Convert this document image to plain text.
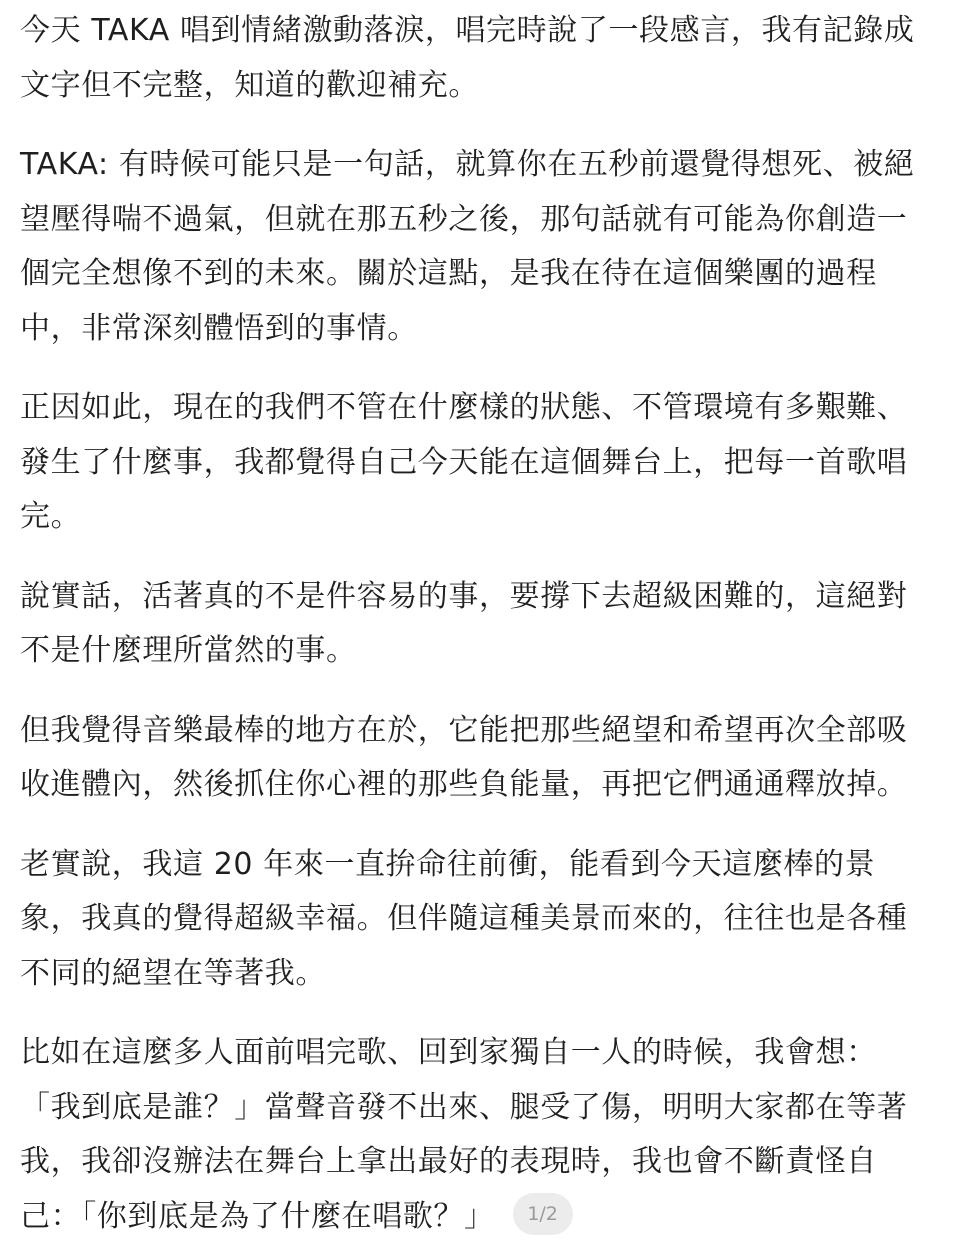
今天 TAKA 唱到情緒激動落淚，唱完時說了一段感言，我有記錄成文字但不完整，知道的歡迎補充。

TAKA: 有時候可能只是一句話，就算你在五秒前還覺得想死、被絕望壓得喘不過氣，但就在那五秒之後，那句話就有可能為你創造一個完全想像不到的未來。關於這點，是我在待在這個樂團的過程中，非常深刻體悟到的事情。

正因如此，現在的我們不管在什麼樣的狀態、不管環境有多艱難、發生了什麼事，我都覺得自己今天能在這個舞台上，把每一首歌唱完。

說實話，活著真的不是件容易的事，要撐下去超級困難的，這絕對不是什麼理所當然的事。

但我覺得音樂最棒的地方在於，它能把那些絕望和希望再次全部吸收進體內，然後抓住你心裡的那些負能量，再把它們通通釋放掉。

老實說，我這 20 年來一直拚命往前衝，能看到今天這麼棒的景象，我真的覺得超級幸福。但伴隨這種美景而來的，往往也是各種不同的絕望在等著我。

比如在這麼多人面前唱完歌、回到家獨自一人的時候，我會想：「我到底是誰？」當聲音發不出來、腿受了傷，明明大家都在等著我，我卻沒辦法在舞台上拿出最好的表現時，我也會不斷責怪自己：「你到底是為了什麼在唱歌？」 1/2
